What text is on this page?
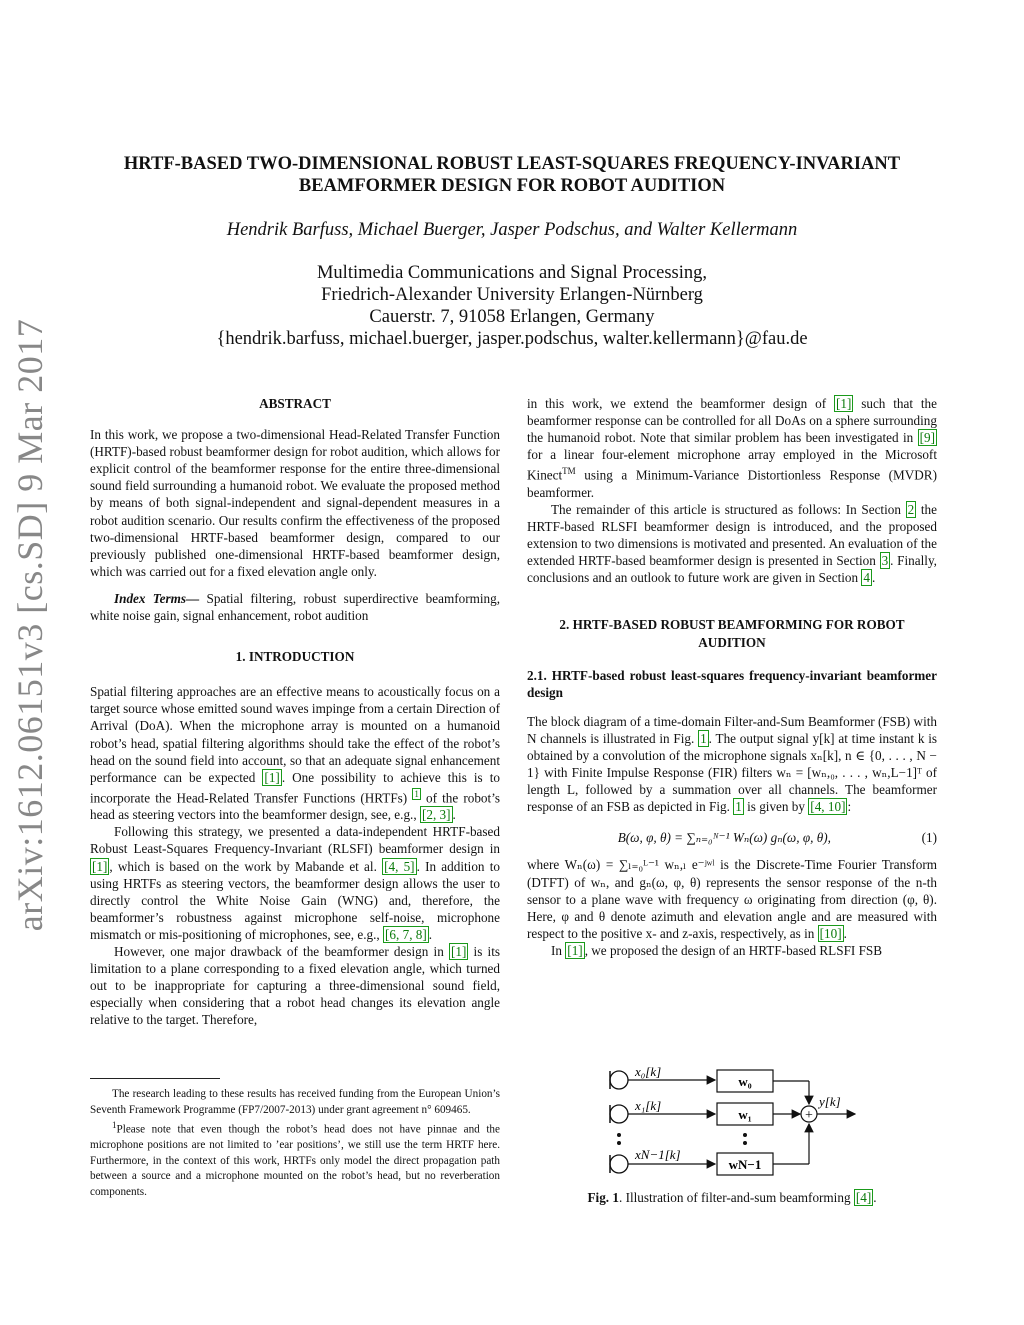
arXiv:1612.06151v3 [cs.SD] 9 Mar 2017
HRTF-BASED TWO-DIMENSIONAL ROBUST LEAST-SQUARES FREQUENCY-INVARIANT
BEAMFORMER DESIGN FOR ROBOT AUDITION
Hendrik Barfuss, Michael Buerger, Jasper Podschus, and Walter Kellermann
Multimedia Communications and Signal Processing,
Friedrich-Alexander University Erlangen-Nürnberg
Cauerstr. 7, 91058 Erlangen, Germany
{hendrik.barfuss, michael.buerger, jasper.podschus, walter.kellermann}@fau.de
ABSTRACT

In this work, we propose a two-dimensional Head-Related Transfer Function (HRTF)-based robust beamformer design for robot audition, which allows for explicit control of the beamformer response for the entire three-dimensional sound field surrounding a humanoid robot. We evaluate the proposed method by means of both signal-independent and signal-dependent measures in a robot audition scenario. Our results confirm the effectiveness of the proposed two-dimensional HRTF-based beamformer design, compared to our previously published one-dimensional HRTF-based beamformer design, which was carried out for a fixed elevation angle only.

Index Terms— Spatial filtering, robust superdirective beamforming, white noise gain, signal enhancement, robot audition

1. INTRODUCTION

Spatial filtering approaches are an effective means to acoustically focus on a target source whose emitted sound waves impinge from a certain Direction of Arrival (DoA). When the microphone array is mounted on a humanoid robot’s head, spatial filtering algorithms should take the effect of the robot’s head on the sound field into account, so that an adequate signal enhancement performance can be expected [1] . One possibility to achieve this is to incorporate the Head-Related Transfer Functions (HRTFs) $^1$ of the robot’s head as steering vectors into the beamformer design, see, e.g., [2, 3] .

Following this strategy, we presented a data-independent HRTF-based Robust Least-Squares Frequency-Invariant (RLSFI) beamformer design in [1] , which is based on the work by Mabande et al. [4, 5] . In addition to using HRTFs as steering vectors, the beamformer design allows the user to directly control the White Noise Gain (WNG) and, therefore, the beamformer’s robustness against microphone self-noise, microphone mismatch or mis-positioning of microphones, see, e.g., [6, 7, 8] .

However, one major drawback of the beamformer design in [1] is its limitation to a plane corresponding to a fixed elevation angle, which turned out to be inappropriate for capturing a three-dimensional sound field, especially when considering that a robot head changes its elevation angle relative to the target. Therefore,

The research leading to these results has received funding from the European Union’s Seventh Framework Programme (FP7/2007-2013) under grant agreement n° 609465.

$^1$Please note that even though the robot’s head does not have pinnae and the microphone positions are not limited to ’ear positions’, we still use the term HRTF here. Furthermore, in the context of this work, HRTFs only model the direct propagation path between a source and a microphone mounted on the robot’s head, but no reverberation components.

in this work, we extend the beamformer design of [1] such that the beamformer response can be controlled for all DoAs on a sphere surrounding the humanoid robot. Note that similar problem has been investigated in [9] for a linear four-element microphone array employed in the Microsoft Kinect™ using a Minimum-Variance Distortionless Response (MVDR) beamformer.

The remainder of this article is structured as follows: In Section 2 the HRTF-based RLSFI beamformer design is introduced, and the proposed extension to two dimensions is motivated and presented. An evaluation of the extended HRTF-based beamformer design is presented in Section 3 . Finally, conclusions and an outlook to future work are given in Section 4 .

2. HRTF-BASED ROBUST BEAMFORMING FOR ROBOT AUDITION
2.1. HRTF-based robust least-squares frequency-invariant beamformer design

The block diagram of a time-domain Filter-and-Sum Beamformer (FSB) with N channels is illustrated in Fig. 1 . The output signal y[k] at time instant k is obtained by a convolution of the microphone signals xₙ[k], n ∈ {0, . . . , N − 1} with Finite Impulse Response (FIR) filters wₙ = [wₙ,₀, . . . , wₙ,L−1]ᵀ of length L, followed by a summation over all channels. The beamformer response of an FSB as depicted in Fig. 1 is given by [4, 10] :

B(ω, φ, θ) = ∑ₙ₌₀ᴺ⁻¹ Wₙ(ω) gₙ(ω, φ, θ),	(1)

where Wₙ(ω) = ∑ₗ₌₀ᴸ⁻¹ wₙ,ₗ e⁻ʲʷˡ is the Discrete-Time Fourier Transform (DTFT) of wₙ, and gₙ(ω, φ, θ) represents the sensor response of the n-th sensor to a plane wave with frequency ω originating from direction (φ, θ). Here, φ and θ denote azimuth and elevation angle and are measured with respect to the positive x- and z-axis, respectively, as in [10] .

In [1] , we proposed the design of an HRTF-based RLSFI FSB

x₀[k]
x₁[k]
xN−1[k]
w₀
w₁
wN−1
+
y[k]
Fig. 1. Illustration of filter-and-sum beamforming [4] .
